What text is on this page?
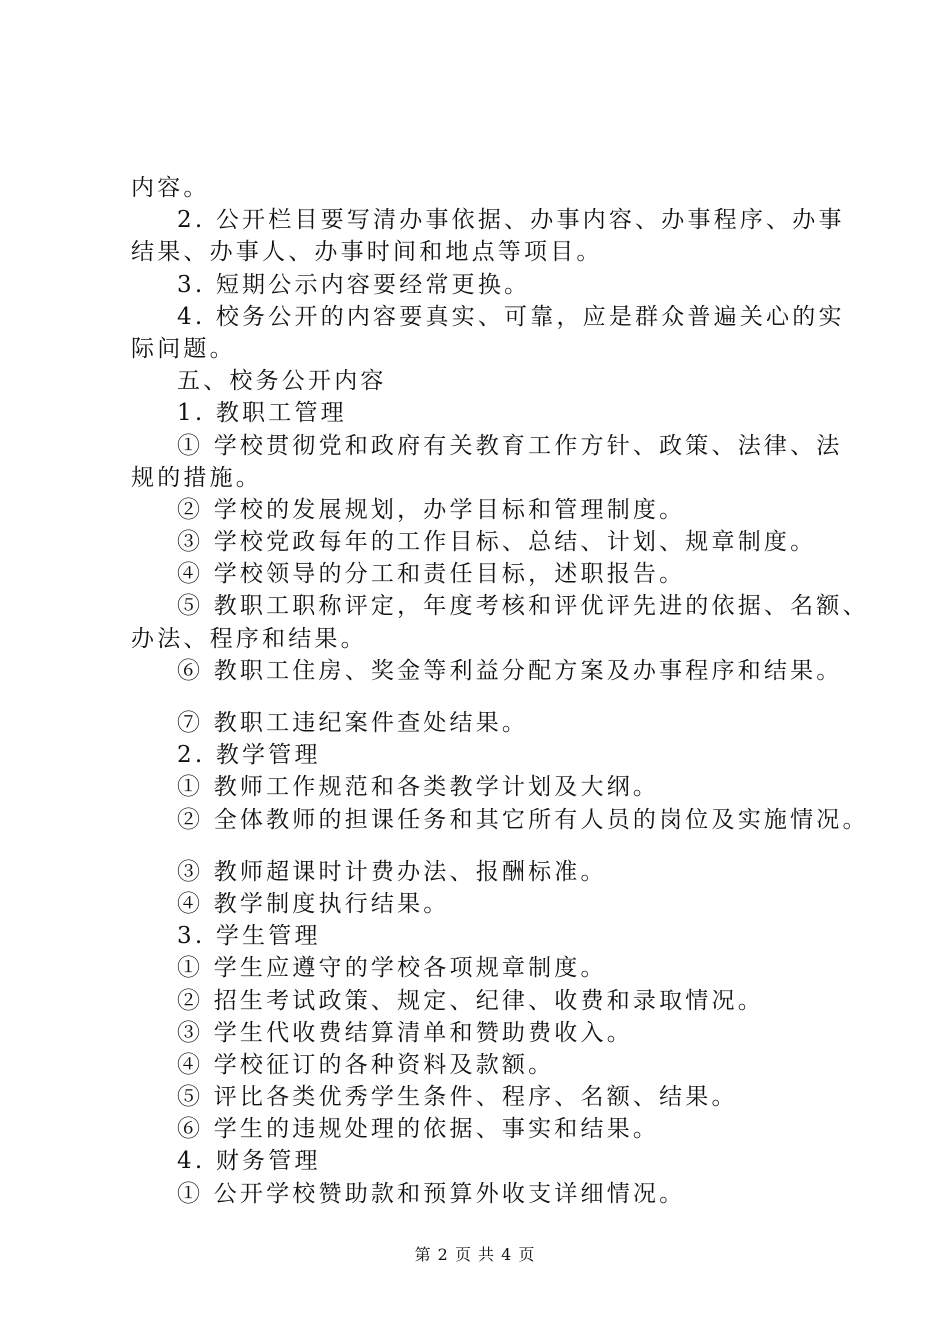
内容。
2. 公开栏目要写清办事依据、办事内容、办事程序、办事
结果、办事人、办事时间和地点等项目。
3. 短期公示内容要经常更换。
4. 校务公开的内容要真实、可靠，应是群众普遍关心的实
际问题。
五、校务公开内容
1. 教职工管理
① 学校贯彻党和政府有关教育工作方针、政策、法律、法
规的措施。
② 学校的发展规划，办学目标和管理制度。
③ 学校党政每年的工作目标、总结、计划、规章制度。
④ 学校领导的分工和责任目标，述职报告。
⑤ 教职工职称评定，年度考核和评优评先进的依据、名额、
办法、程序和结果。
⑥ 教职工住房、奖金等利益分配方案及办事程序和结果。
⑦ 教职工违纪案件查处结果。
2. 教学管理
① 教师工作规范和各类教学计划及大纲。
② 全体教师的担课任务和其它所有人员的岗位及实施情况。
③ 教师超课时计费办法、报酬标准。
④ 教学制度执行结果。
3. 学生管理
① 学生应遵守的学校各项规章制度。
② 招生考试政策、规定、纪律、收费和录取情况。
③ 学生代收费结算清单和赞助费收入。
④ 学校征订的各种资料及款额。
⑤ 评比各类优秀学生条件、程序、名额、结果。
⑥ 学生的违规处理的依据、事实和结果。
4. 财务管理
① 公开学校赞助款和预算外收支详细情况。
第 2 页 共 4 页
